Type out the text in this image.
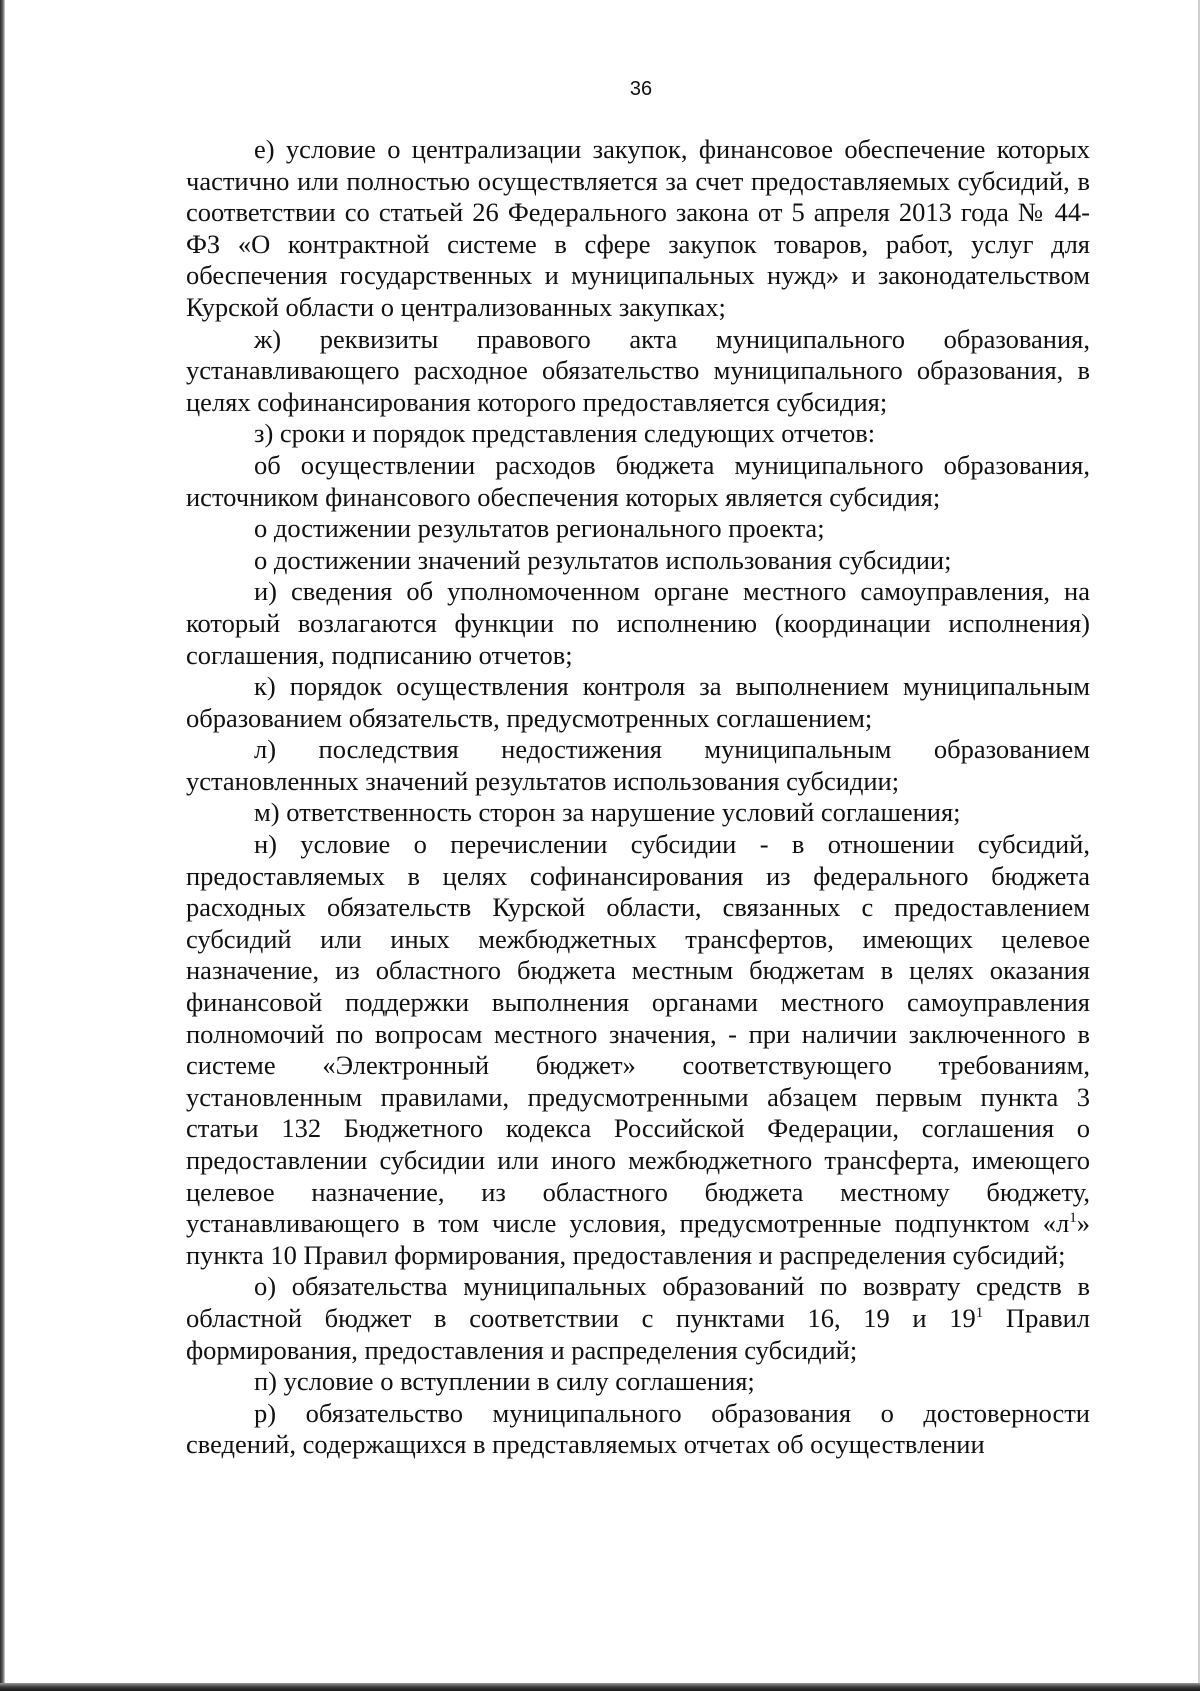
36

е) условие о централизации закупок, финансовое обеспечение которых частично или полностью осуществляется за счет предоставляемых субсидий, в соответствии со статьей 26 Федерального закона от 5 апреля 2013 года № 44-ФЗ «О контрактной системе в сфере закупок товаров, работ, услуг для обеспечения государственных и муниципальных нужд» и законодательством Курской области о централизованных закупках;

ж) реквизиты правового акта муниципального образования, устанавливающего расходное обязательство муниципального образования, в целях софинансирования которого предоставляется субсидия;

з) сроки и порядок представления следующих отчетов:

об осуществлении расходов бюджета муниципального образования, источником финансового обеспечения которых является субсидия;

о достижении результатов регионального проекта;

о достижении значений результатов использования субсидии;

и) сведения об уполномоченном органе местного самоуправления, на который возлагаются функции по исполнению (координации исполнения) соглашения, подписанию отчетов;

к) порядок осуществления контроля за выполнением муниципальным образованием обязательств, предусмотренных соглашением;

л) последствия недостижения муниципальным образованием установленных значений результатов использования субсидии;

м) ответственность сторон за нарушение условий соглашения;

н) условие о перечислении субсидии - в отношении субсидий, предоставляемых в целях софинансирования из федерального бюджета расходных обязательств Курской области, связанных с предоставлением субсидий или иных межбюджетных трансфертов, имеющих целевое назначение, из областного бюджета местным бюджетам в целях оказания финансовой поддержки выполнения органами местного самоуправления полномочий по вопросам местного значения, - при наличии заключенного в системе «Электронный бюджет» соответствующего требованиям, установленным правилами, предусмотренными абзацем первым пункта 3 статьи 132 Бюджетного кодекса Российской Федерации, соглашения о предоставлении субсидии или иного межбюджетного трансферта, имеющего целевое назначение, из областного бюджета местному бюджету, устанавливающего в том числе условия, предусмотренные подпунктом «$л^1$» пункта 10 Правил формирования, предоставления и распределения субсидий;

о) обязательства муниципальных образований по возврату средств в областной бюджет в соответствии с пунктами 16, 19 и $19^1$ Правил формирования, предоставления и распределения субсидий;

п) условие о вступлении в силу соглашения;

р) обязательство муниципального образования о достоверности сведений, содержащихся в представляемых отчетах об осуществлении
